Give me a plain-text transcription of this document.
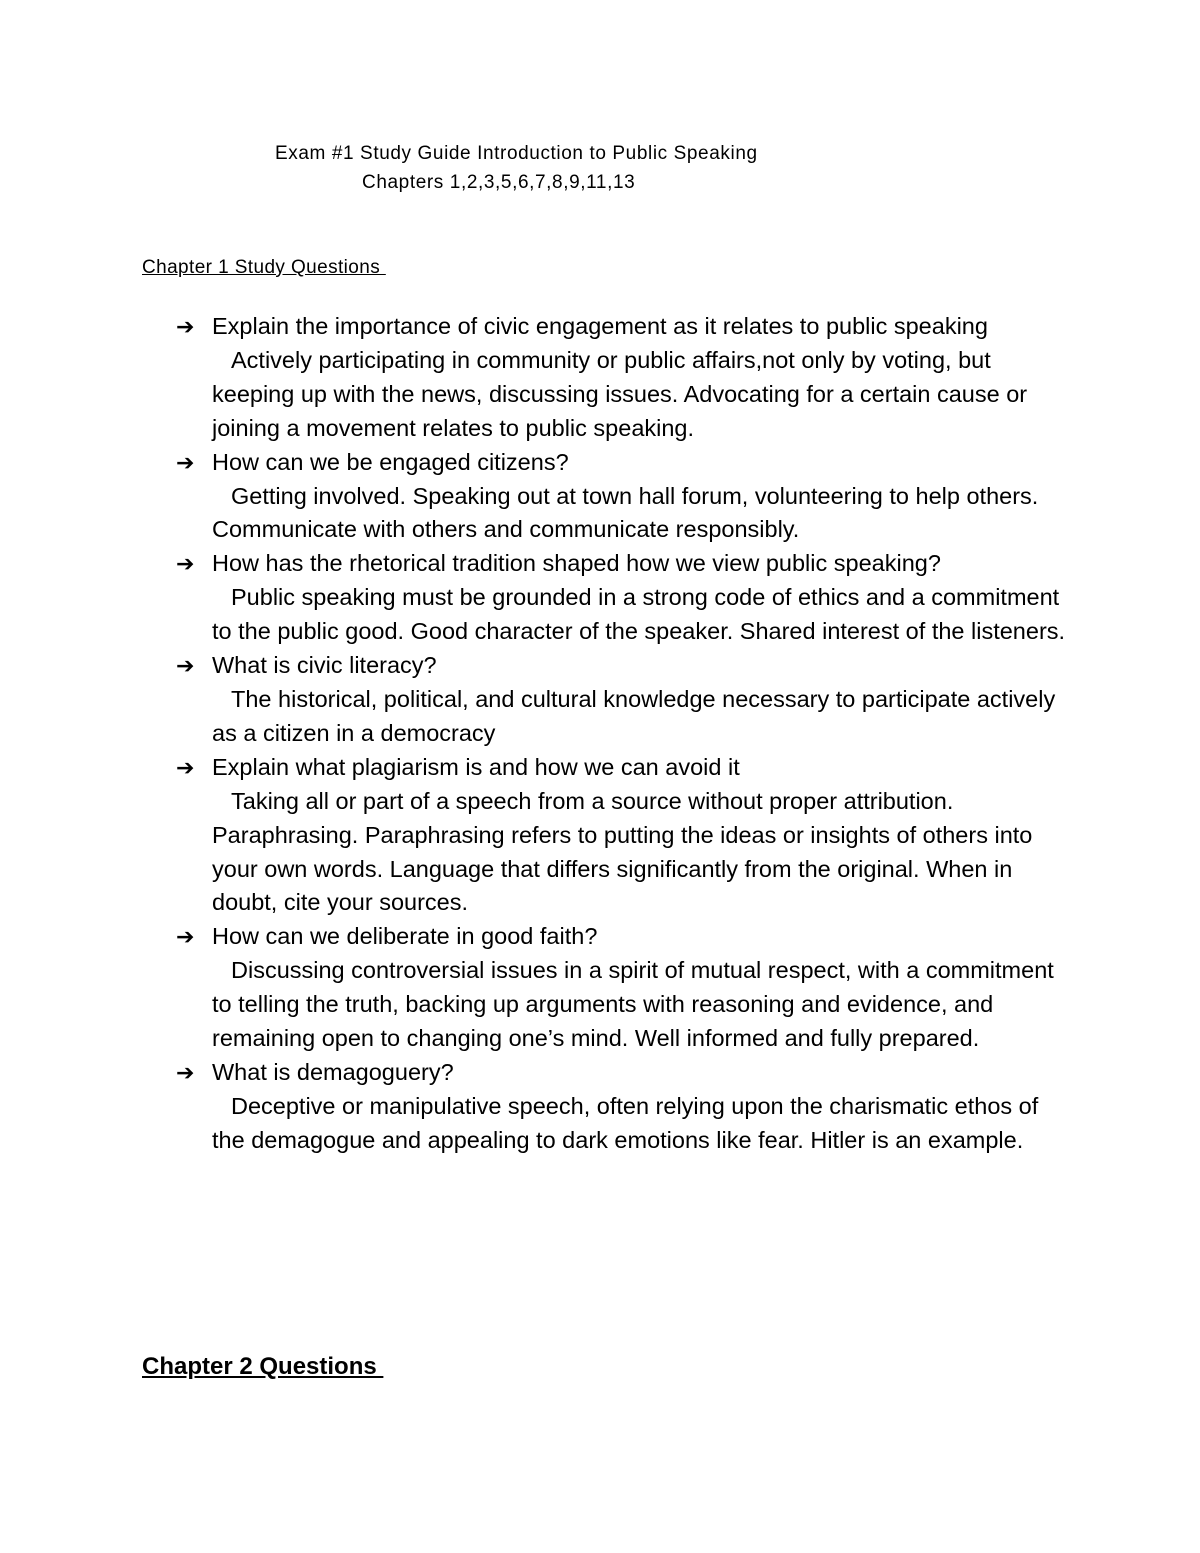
Exam #1 Study Guide Introduction to Public Speaking
Chapters 1,2,3,5,6,7,8,9,11,13
Chapter 1 Study Questions
➔ Explain the importance of civic engagement as it relates to public speaking
Actively participating in community or public affairs,not only by voting, but keeping up with the news, discussing issues. Advocating for a certain cause or joining a movement relates to public speaking.
➔ How can we be engaged citizens?
Getting involved. Speaking out at town hall forum, volunteering to help others. Communicate with others and communicate responsibly.
➔ How has the rhetorical tradition shaped how we view public speaking?
Public speaking must be grounded in a strong code of ethics and a commitment to the public good. Good character of the speaker. Shared interest of the listeners.
➔ What is civic literacy?
The historical, political, and cultural knowledge necessary to participate actively as a citizen in a democracy
➔ Explain what plagiarism is and how we can avoid it
Taking all or part of a speech from a source without proper attribution. Paraphrasing. Paraphrasing refers to putting the ideas or insights of others into your own words. Language that differs significantly from the original. When in doubt, cite your sources.
➔ How can we deliberate in good faith?
Discussing controversial issues in a spirit of mutual respect, with a commitment to telling the truth, backing up arguments with reasoning and evidence, and remaining open to changing one’s mind. Well informed and fully prepared.
➔ What is demagoguery?
Deceptive or manipulative speech, often relying upon the charismatic ethos of the demagogue and appealing to dark emotions like fear. Hitler is an example.
Chapter 2 Questions
